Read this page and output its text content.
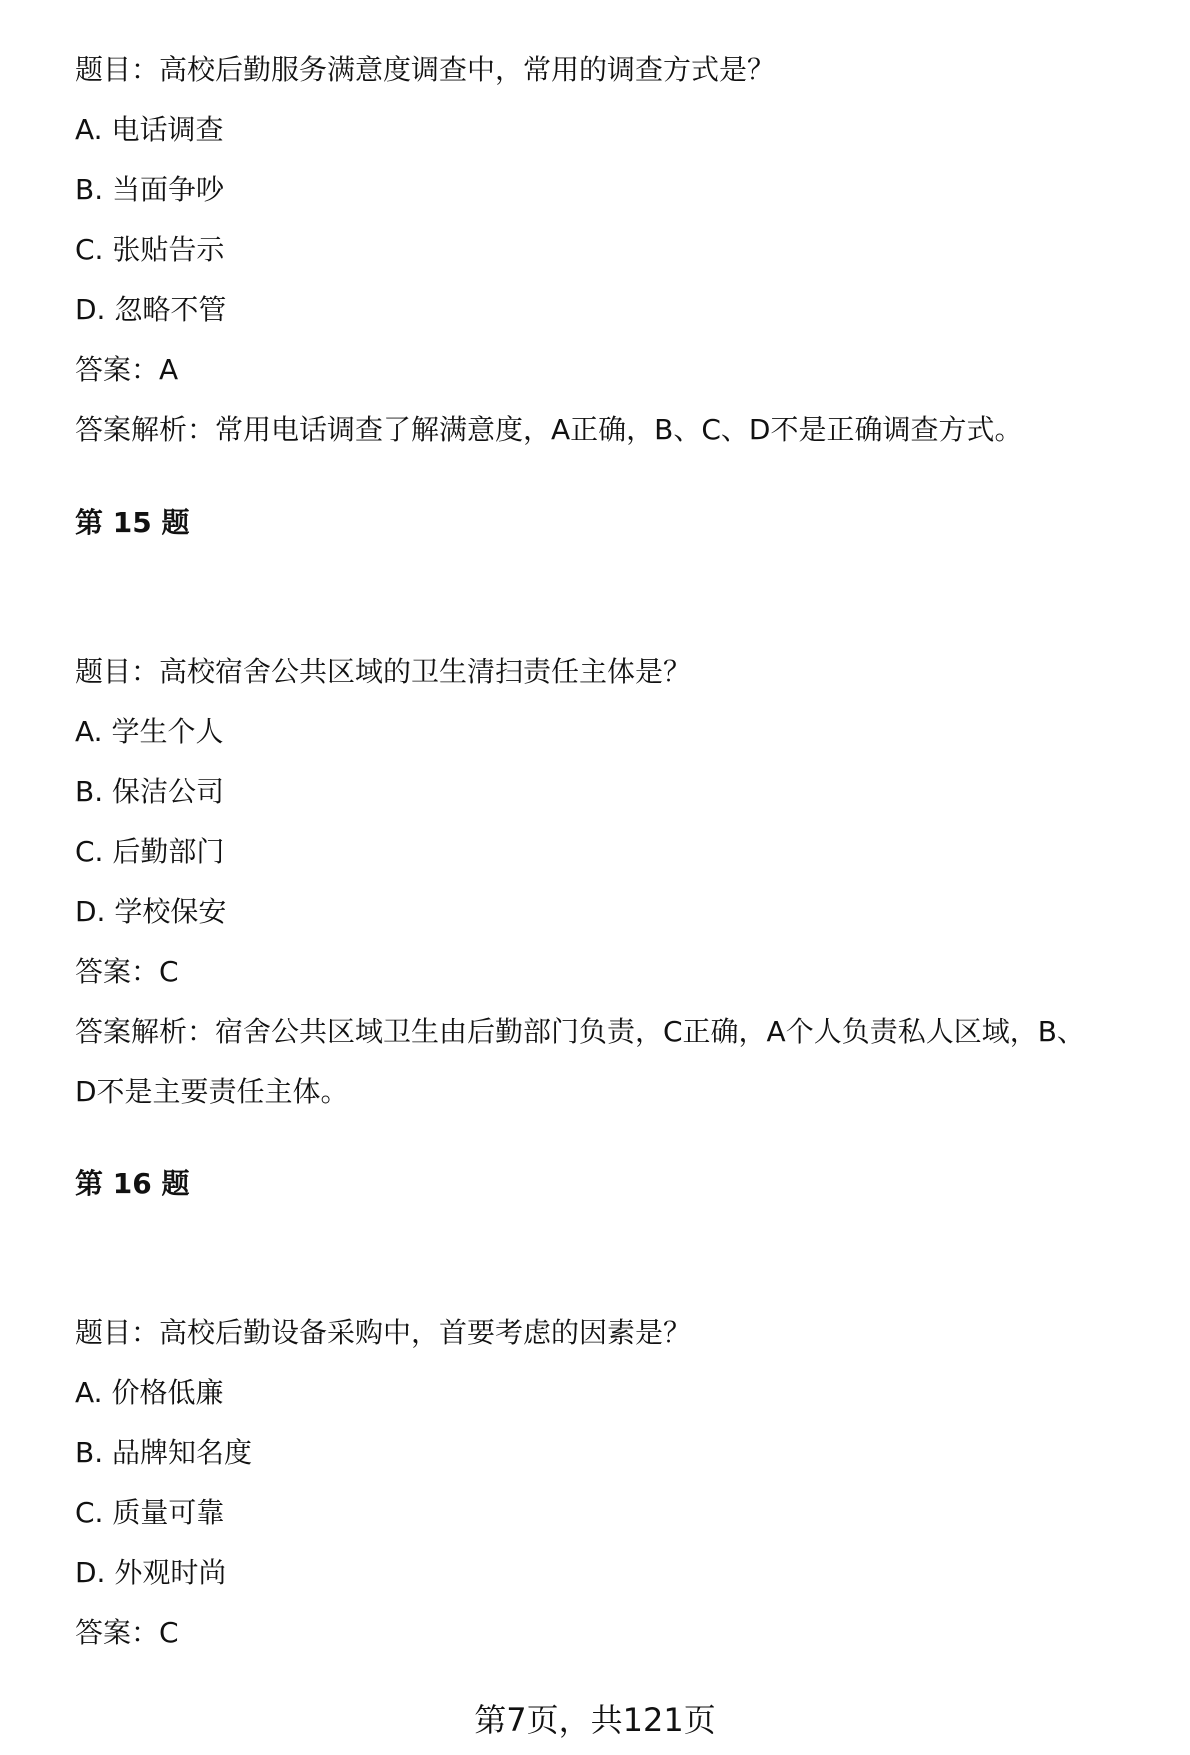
题目：高校后勤服务满意度调查中，常用的调查方式是？
A. 电话调查
B. 当面争吵
C. 张贴告示
D. 忽略不管
答案：A
答案解析：常用电话调查了解满意度，A正确，B、C、D不是正确调查方式。
第 15 题
题目：高校宿舍公共区域的卫生清扫责任主体是？
A. 学生个人
B. 保洁公司
C. 后勤部门
D. 学校保安
答案：C
答案解析：宿舍公共区域卫生由后勤部门负责，C正确，A个人负责私人区域，B、
D不是主要责任主体。
第 16 题
题目：高校后勤设备采购中，首要考虑的因素是？
A. 价格低廉
B. 品牌知名度
C. 质量可靠
D. 外观时尚
答案：C
第7页，共121页
